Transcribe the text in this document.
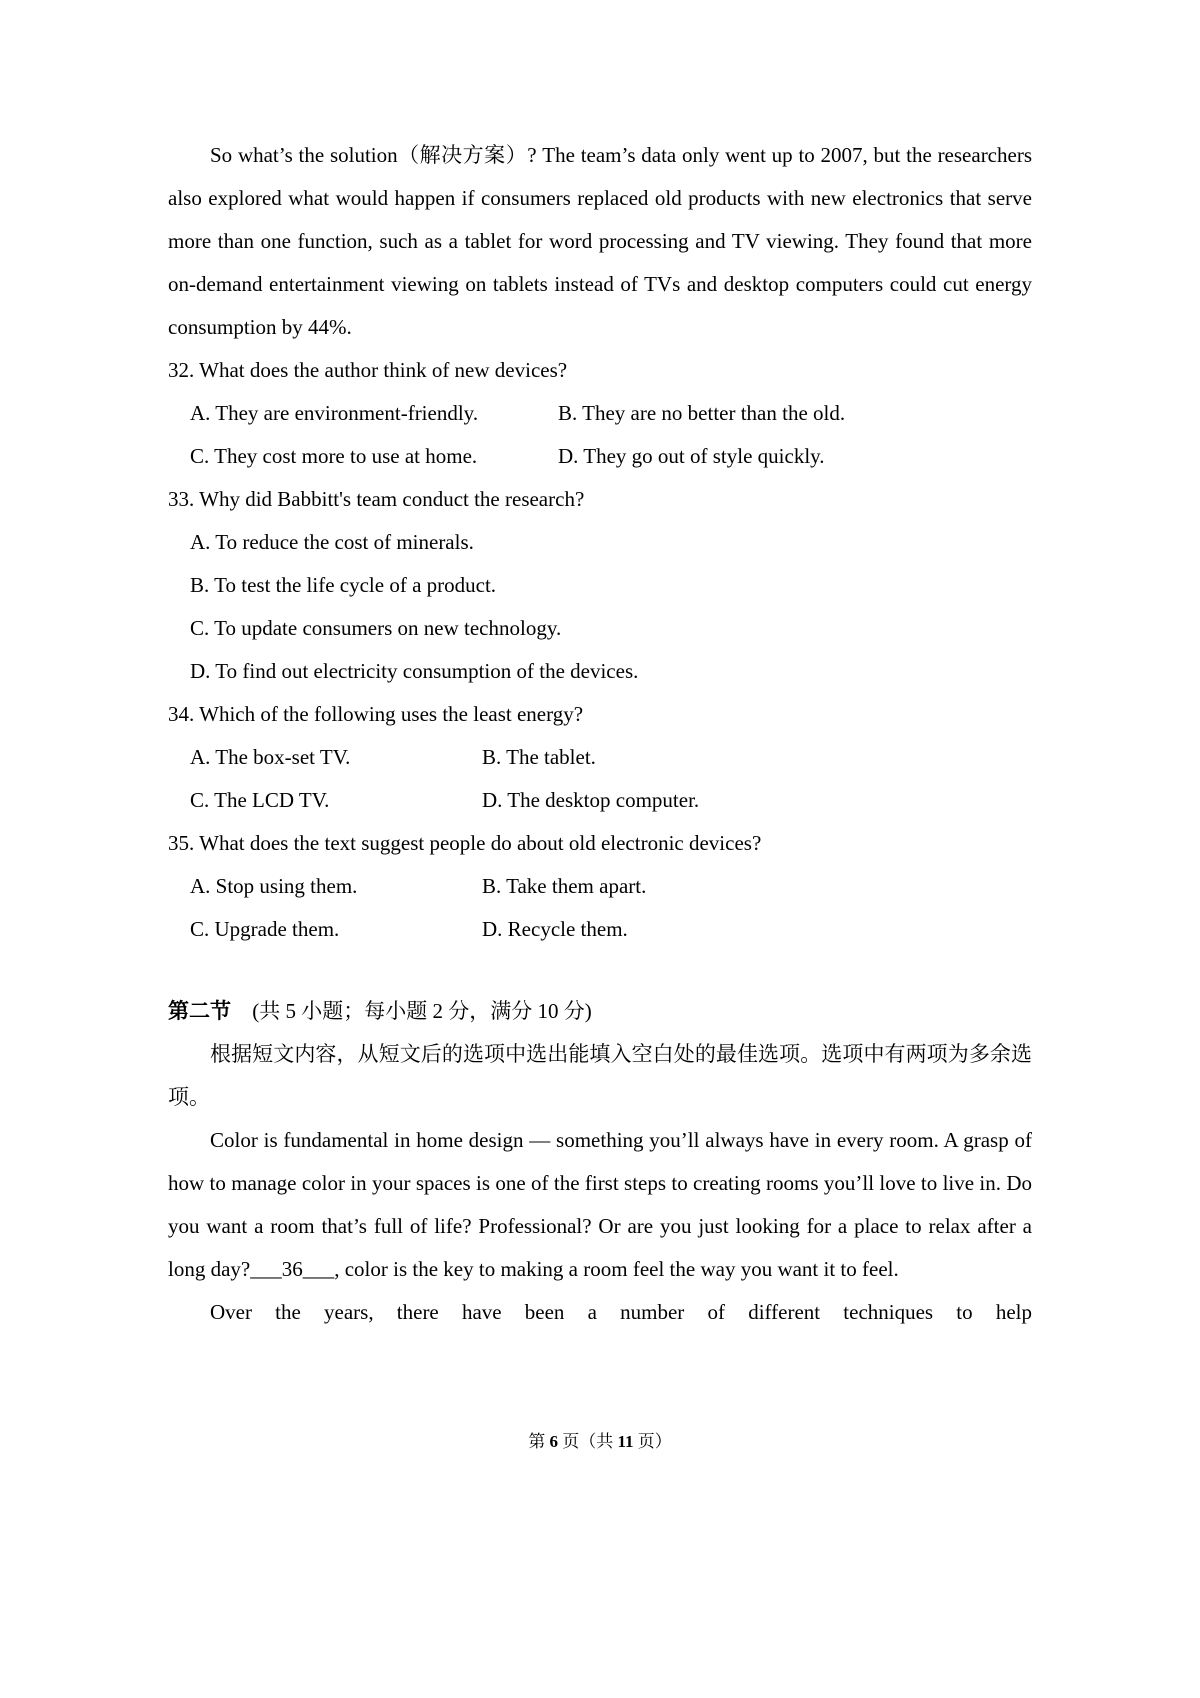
So what’s the solution（解决方案）? The team’s data only went up to 2007, but the researchers also explored what would happen if consumers replaced old products with new electronics that serve more than one function, such as a tablet for word processing and TV viewing. They found that more on-demand entertainment viewing on tablets instead of TVs and desktop computers could cut energy consumption by 44%.

32. What does the author think of new devices?

A. They are environment-friendly.	B. They are no better than the old.
C. They cost more to use at home.	D. They go out of style quickly.

33. Why did Babbitt's team conduct the research?

A. To reduce the cost of minerals.
B. To test the life cycle of a product.
C. To update consumers on new technology.
D. To find out electricity consumption of the devices.

34. Which of the following uses the least energy?

A. The box-set TV.	B. The tablet.
C. The LCD TV.	D. The desktop computer.

35. What does the text suggest people do about old electronic devices?

A. Stop using them.	B. Take them apart.
C. Upgrade them.	D. Recycle them.

第二节 (共 5 小题；每小题 2 分，满分 10 分)

根据短文内容，从短文后的选项中选出能填入空白处的最佳选项。选项中有两项为多余选项。

Color is fundamental in home design — something you’ll always have in every room. A grasp of how to manage color in your spaces is one of the first steps to creating rooms you’ll love to live in. Do you want a room that’s full of life? Professional? Or are you just looking for a place to relax after a long day?___36___, color is the key to making a room feel the way you want it to feel.

Over the years, there have been a number of different techniques to help

第 6 页（共 11 页）
